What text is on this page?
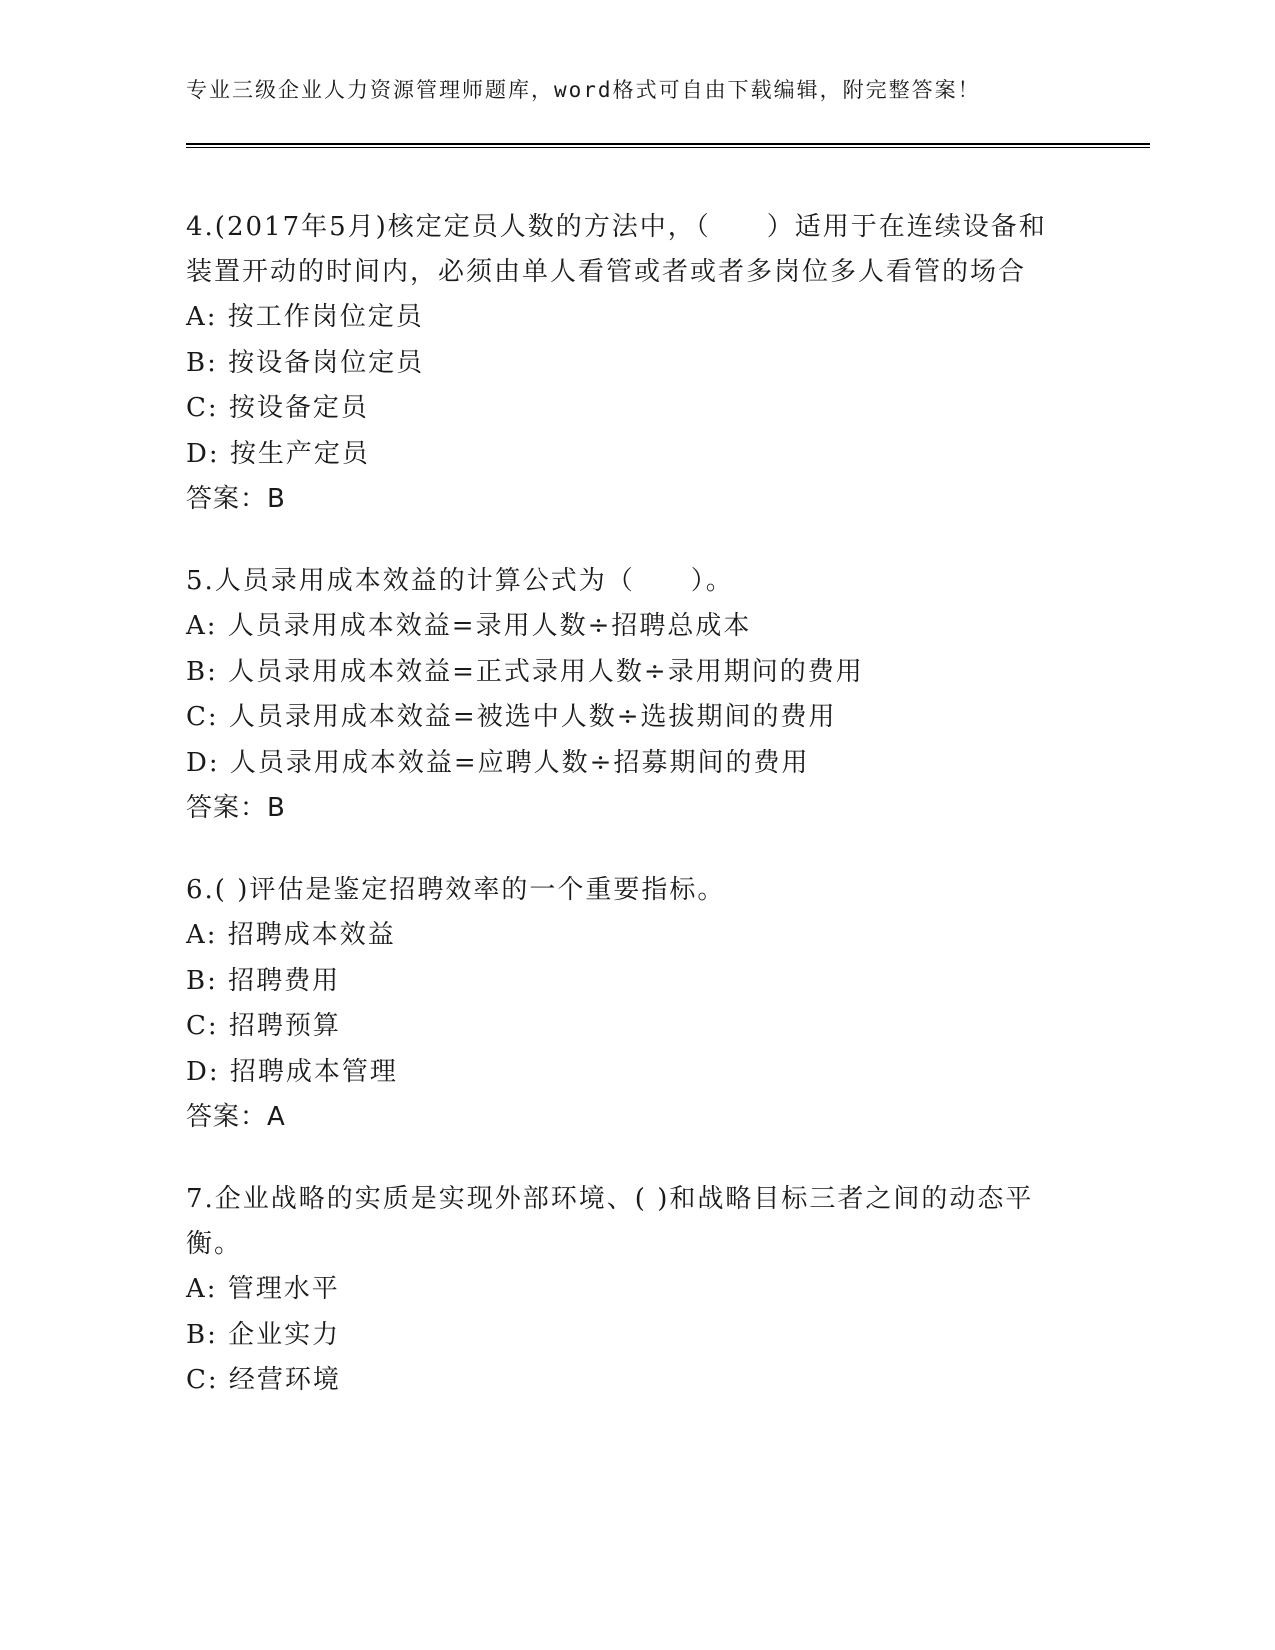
专业三级企业人力资源管理师题库，word格式可自由下载编辑，附完整答案！

4.(2017年5月)核定定员人数的方法中，（　　）适用于在连续设备和装置开动的时间内，必须由单人看管或者或者多岗位多人看管的场合

A: 按工作岗位定员

B: 按设备岗位定员

C: 按设备定员

D: 按生产定员

答案：B

5.人员录用成本效益的计算公式为（　　）。

A: 人员录用成本效益=录用人数÷招聘总成本

B: 人员录用成本效益=正式录用人数÷录用期问的费用

C: 人员录用成本效益=被选中人数÷选拔期间的费用

D: 人员录用成本效益=应聘人数÷招募期间的费用

答案：B

6.( )评估是鉴定招聘效率的一个重要指标。

A: 招聘成本效益

B: 招聘费用

C: 招聘预算

D: 招聘成本管理

答案：A

7.企业战略的实质是实现外部环境、( )和战略目标三者之间的动态平衡。

A: 管理水平

B: 企业实力

C: 经营环境
